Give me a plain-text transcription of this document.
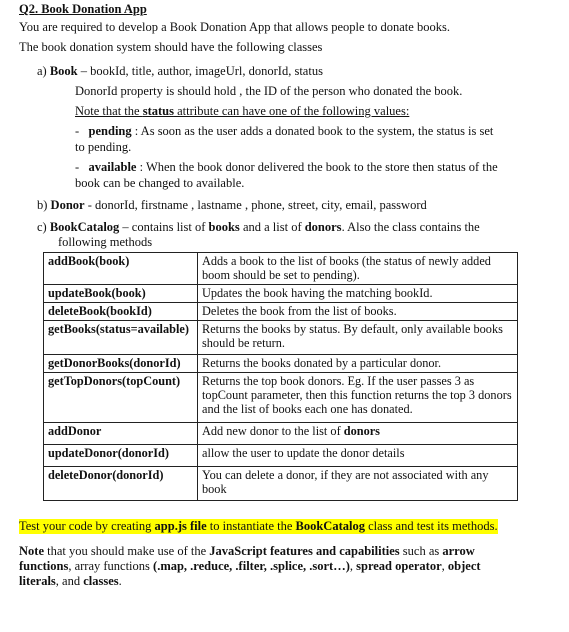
Q2. Book Donation App
You are required to develop a Book Donation App that allows people to donate books.
The book donation system should have the following classes
a) Book – bookId, title, author, imageUrl, donorId, status
DonorId property is should hold , the ID of the person who donated the book.
Note that the status attribute can have one of the following values:
- pending : As soon as the user adds a donated book to the system, the status is set
to pending.
- available : When the book donor delivered the book to the store then status of the
book can be changed to available.
b) Donor - donorId, firstname , lastname , phone, street, city, email, password
c) BookCatalog – contains list of books and a list of donors. Also the class contains the
following methods
addBook(book)	Adds a book to the list of books (the status of newly added boom should be set to pending).
updateBook(book)	Updates the book having the matching bookId.
deleteBook(bookId)	Deletes the book from the list of books.
getBooks(status=available)	Returns the books by status. By default, only available books should be return.
getDonorBooks(donorId)	Returns the books donated by a particular donor.
getTopDonors(topCount)	Returns the top book donors. Eg. If the user passes 3 as topCount parameter, then this function returns the top 3 donors and the list of books each one has donated.
addDonor	Add new donor to the list of donors
updateDonor(donorId)	allow the user to update the donor details
deleteDonor(donorId)	You can delete a donor, if they are not associated with any book
Test your code by creating app.js file to instantiate the BookCatalog class and test its methods.
Note that you should make use of the JavaScript features and capabilities such as arrow
functions, array functions (.map, .reduce, .filter, .splice, .sort…), spread operator, object
literals, and classes.
